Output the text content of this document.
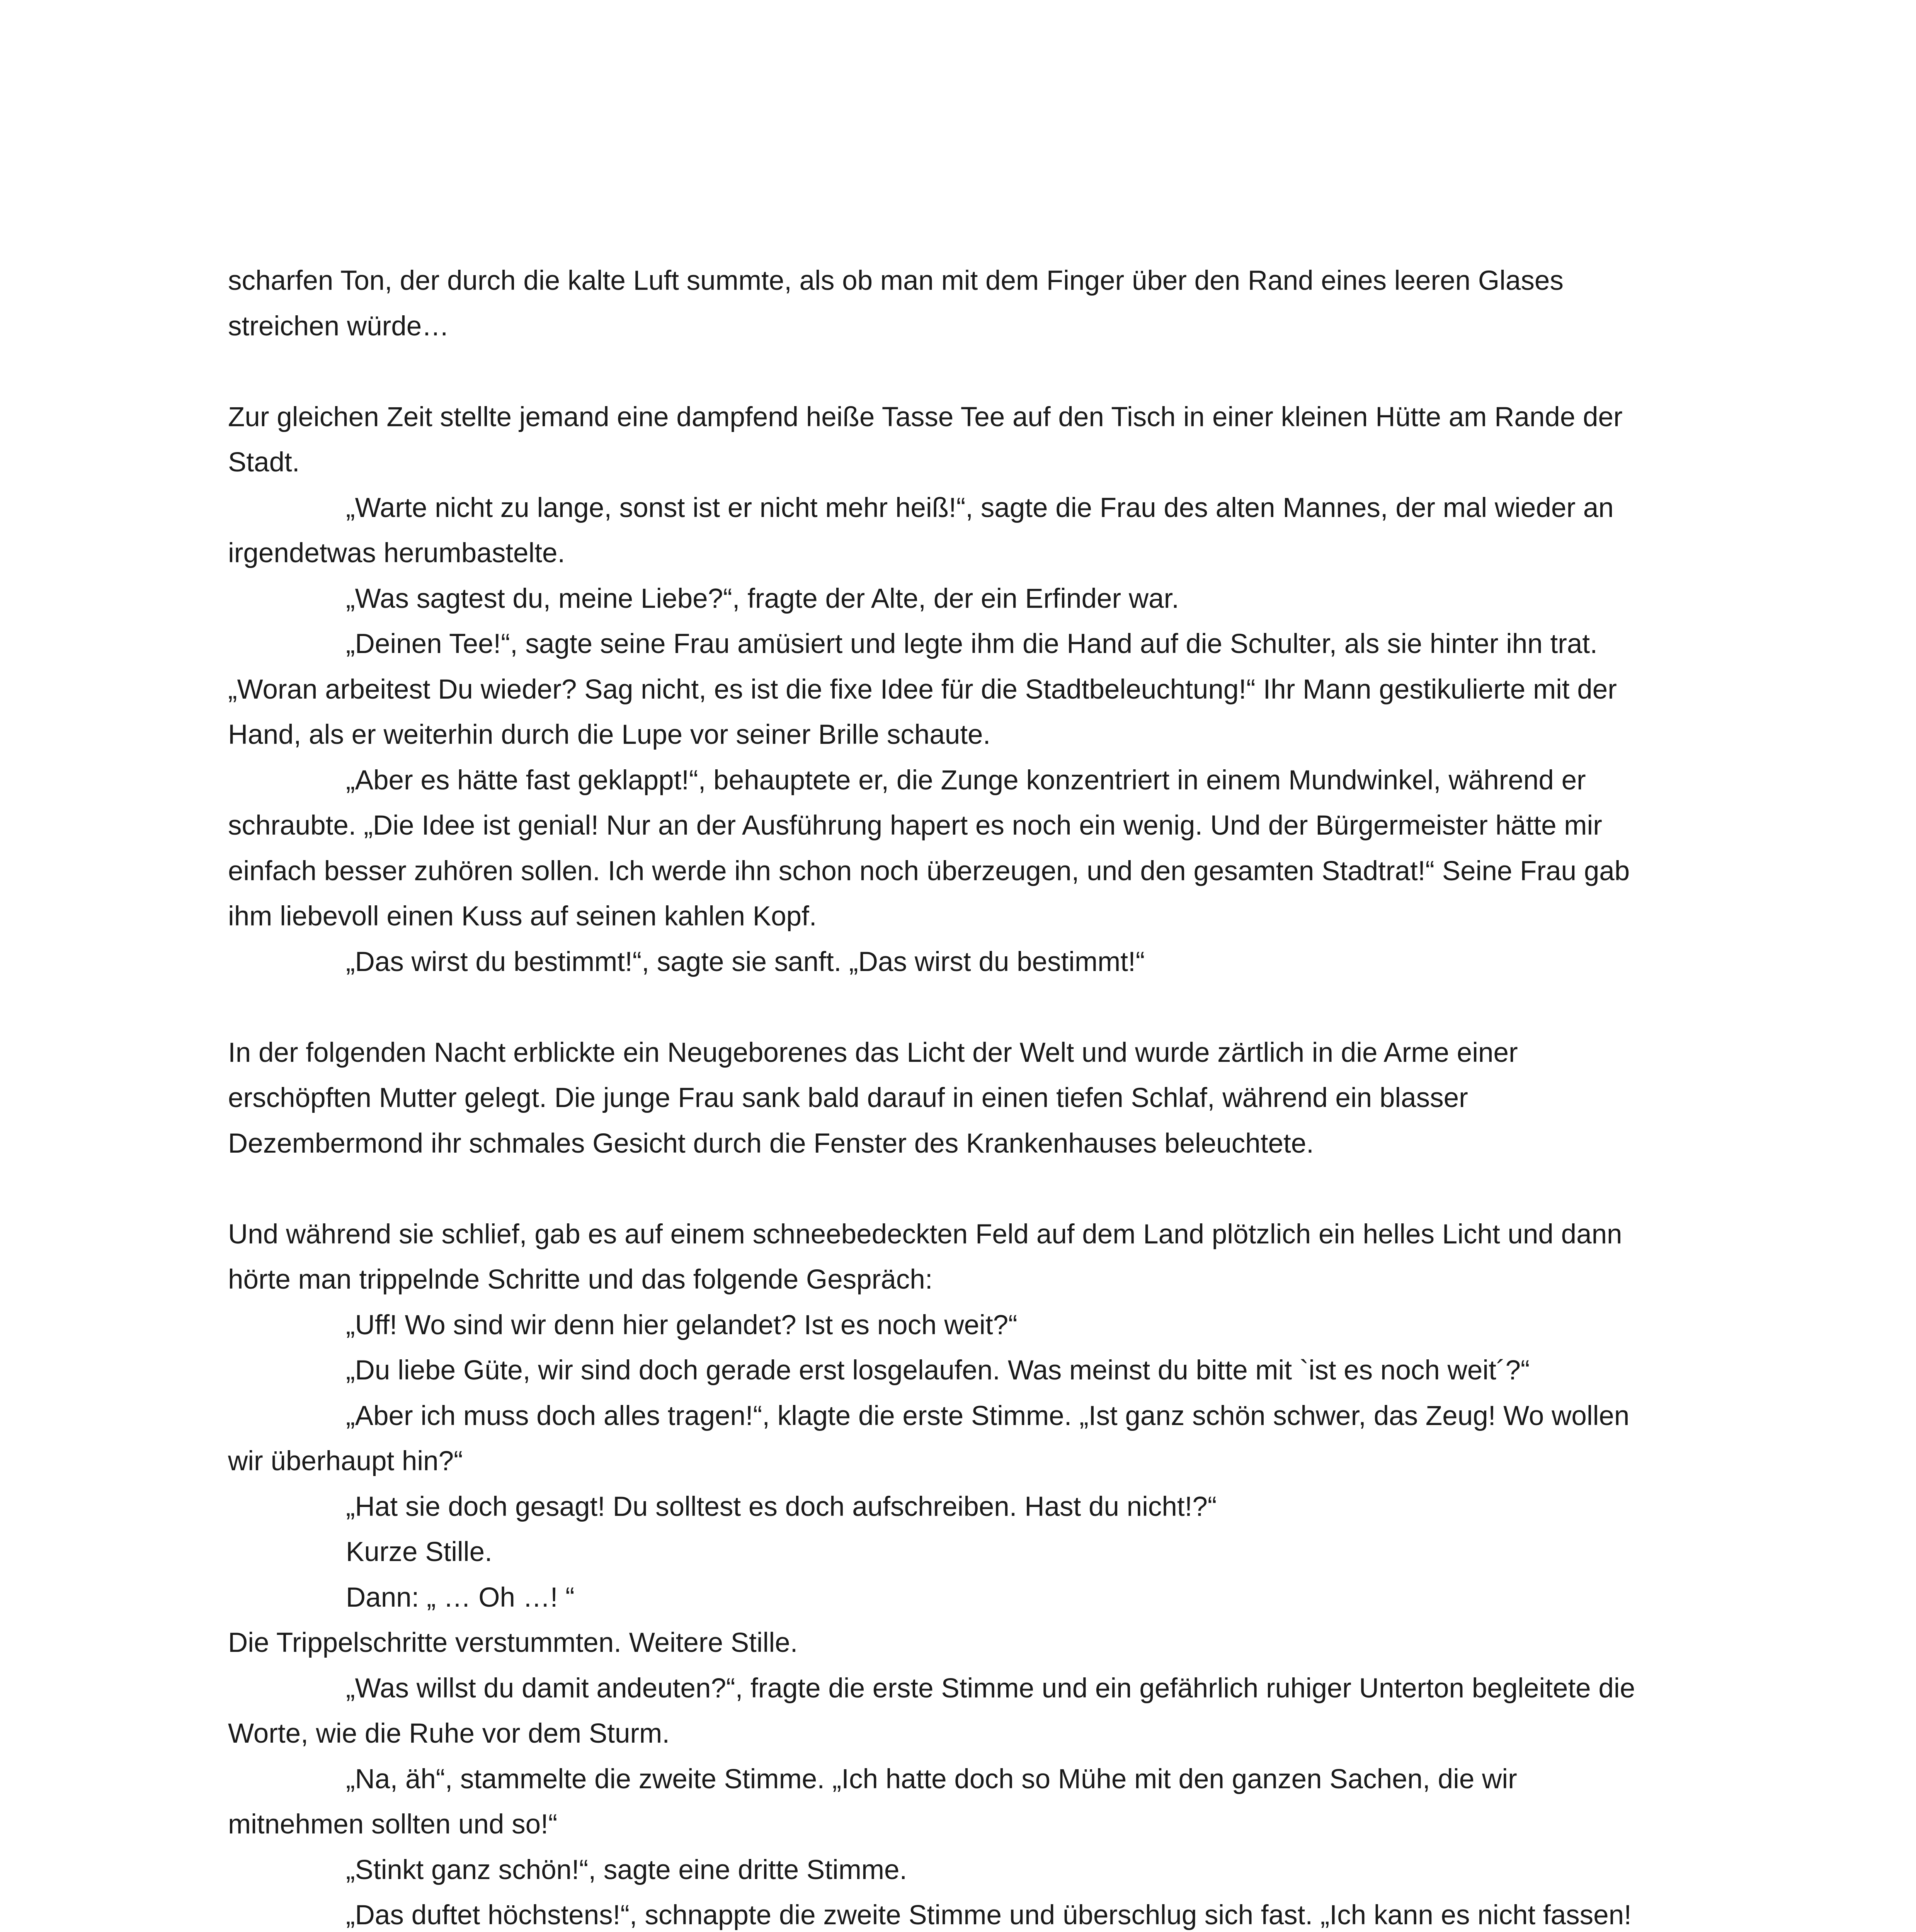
scharfen Ton, der durch die kalte Luft summte, als ob man mit dem Finger über den Rand eines leeren Glases streichen würde…

Zur gleichen Zeit stellte jemand eine dampfend heiße Tasse Tee auf den Tisch in einer kleinen Hütte am Rande der Stadt.

„Warte nicht zu lange, sonst ist er nicht mehr heiß!“, sagte die Frau des alten Mannes, der mal wieder an irgendetwas herumbastelte.

„Was sagtest du, meine Liebe?“, fragte der Alte, der ein Erfinder war.

„Deinen Tee!“, sagte seine Frau amüsiert und legte ihm die Hand auf die Schulter, als sie hinter ihn trat. „Woran arbeitest Du wieder? Sag nicht, es ist die fixe Idee für die Stadtbeleuchtung!“ Ihr Mann gestikulierte mit der Hand, als er weiterhin durch die Lupe vor seiner Brille schaute.

„Aber es hätte fast geklappt!“, behauptete er, die Zunge konzentriert in einem Mundwinkel, während er schraubte. „Die Idee ist genial! Nur an der Ausführung hapert es noch ein wenig. Und der Bürgermeister hätte mir einfach besser zuhören sollen. Ich werde ihn schon noch überzeugen, und den gesamten Stadtrat!“ Seine Frau gab ihm liebevoll einen Kuss auf seinen kahlen Kopf.

„Das wirst du bestimmt!“, sagte sie sanft. „Das wirst du bestimmt!“

In der folgenden Nacht erblickte ein Neugeborenes das Licht der Welt und wurde zärtlich in die Arme einer erschöpften Mutter gelegt. Die junge Frau sank bald darauf in einen tiefen Schlaf, während ein blasser Dezembermond ihr schmales Gesicht durch die Fenster des Krankenhauses beleuchtete.

Und während sie schlief, gab es auf einem schneebedeckten Feld auf dem Land plötzlich ein helles Licht und dann hörte man trippelnde Schritte und das folgende Gespräch:

„Uff! Wo sind wir denn hier gelandet? Ist es noch weit?“

„Du liebe Güte, wir sind doch gerade erst losgelaufen. Was meinst du bitte mit `ist es noch weit´?“

„Aber ich muss doch alles tragen!“, klagte die erste Stimme. „Ist ganz schön schwer, das Zeug! Wo wollen wir überhaupt hin?“

„Hat sie doch gesagt! Du solltest es doch aufschreiben. Hast du nicht!?“

Kurze Stille.

Dann: „ … Oh …! “

Die Trippelschritte verstummten. Weitere Stille.

„Was willst du damit andeuten?“, fragte die erste Stimme und ein gefährlich ruhiger Unterton begleitete die Worte, wie die Ruhe vor dem Sturm.

„Na, äh“, stammelte die zweite Stimme. „Ich hatte doch so Mühe mit den ganzen Sachen, die wir mitnehmen sollten und so!“

„Stinkt ganz schön!“, sagte eine dritte Stimme.

„Das duftet höchstens!“, schnappte die zweite Stimme und überschlug sich fast. „Ich kann es nicht fassen!
